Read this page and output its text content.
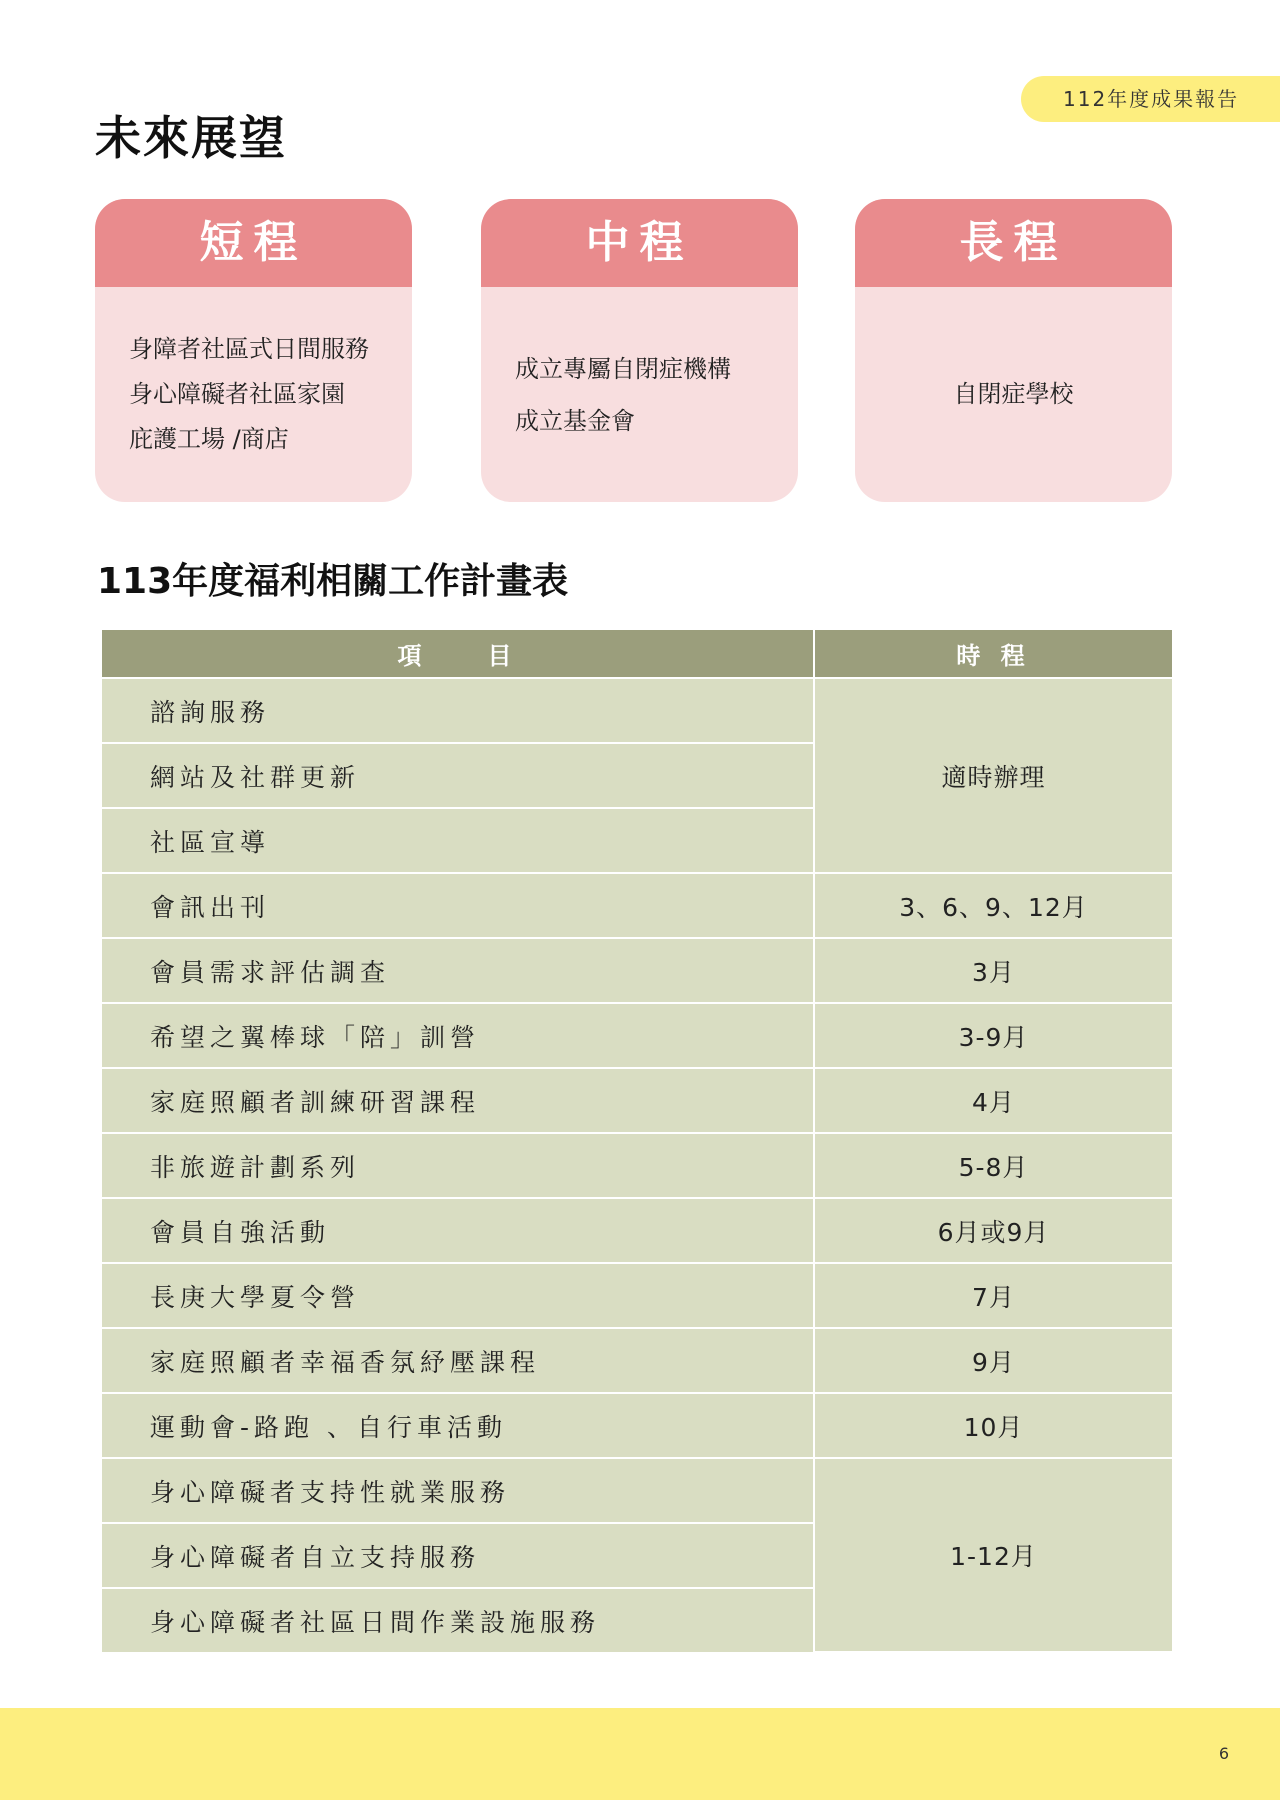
112年度成果報告
未來展望
短程
身障者社區式日間服務
身心障礙者社區家園
庇護工場 /商店
中程
成立專屬自閉症機構
成立基金會
長程
自閉症學校
113年度福利相關工作計畫表
項　　目	時 程
諮詢服務	適時辦理
網站及社群更新	
社區宣導	
會訊出刊	3、6、9、12月
會員需求評估調查	3月
希望之翼棒球「陪」訓營	3-9月
家庭照顧者訓練研習課程	4月
非旅遊計劃系列	5-8月
會員自強活動	6月或9月
長庚大學夏令營	7月
家庭照顧者幸福香氛紓壓課程	9月
運動會-路跑 、自行車活動	10月
身心障礙者支持性就業服務	1-12月
身心障礙者自立支持服務	
身心障礙者社區日間作業設施服務	
6
